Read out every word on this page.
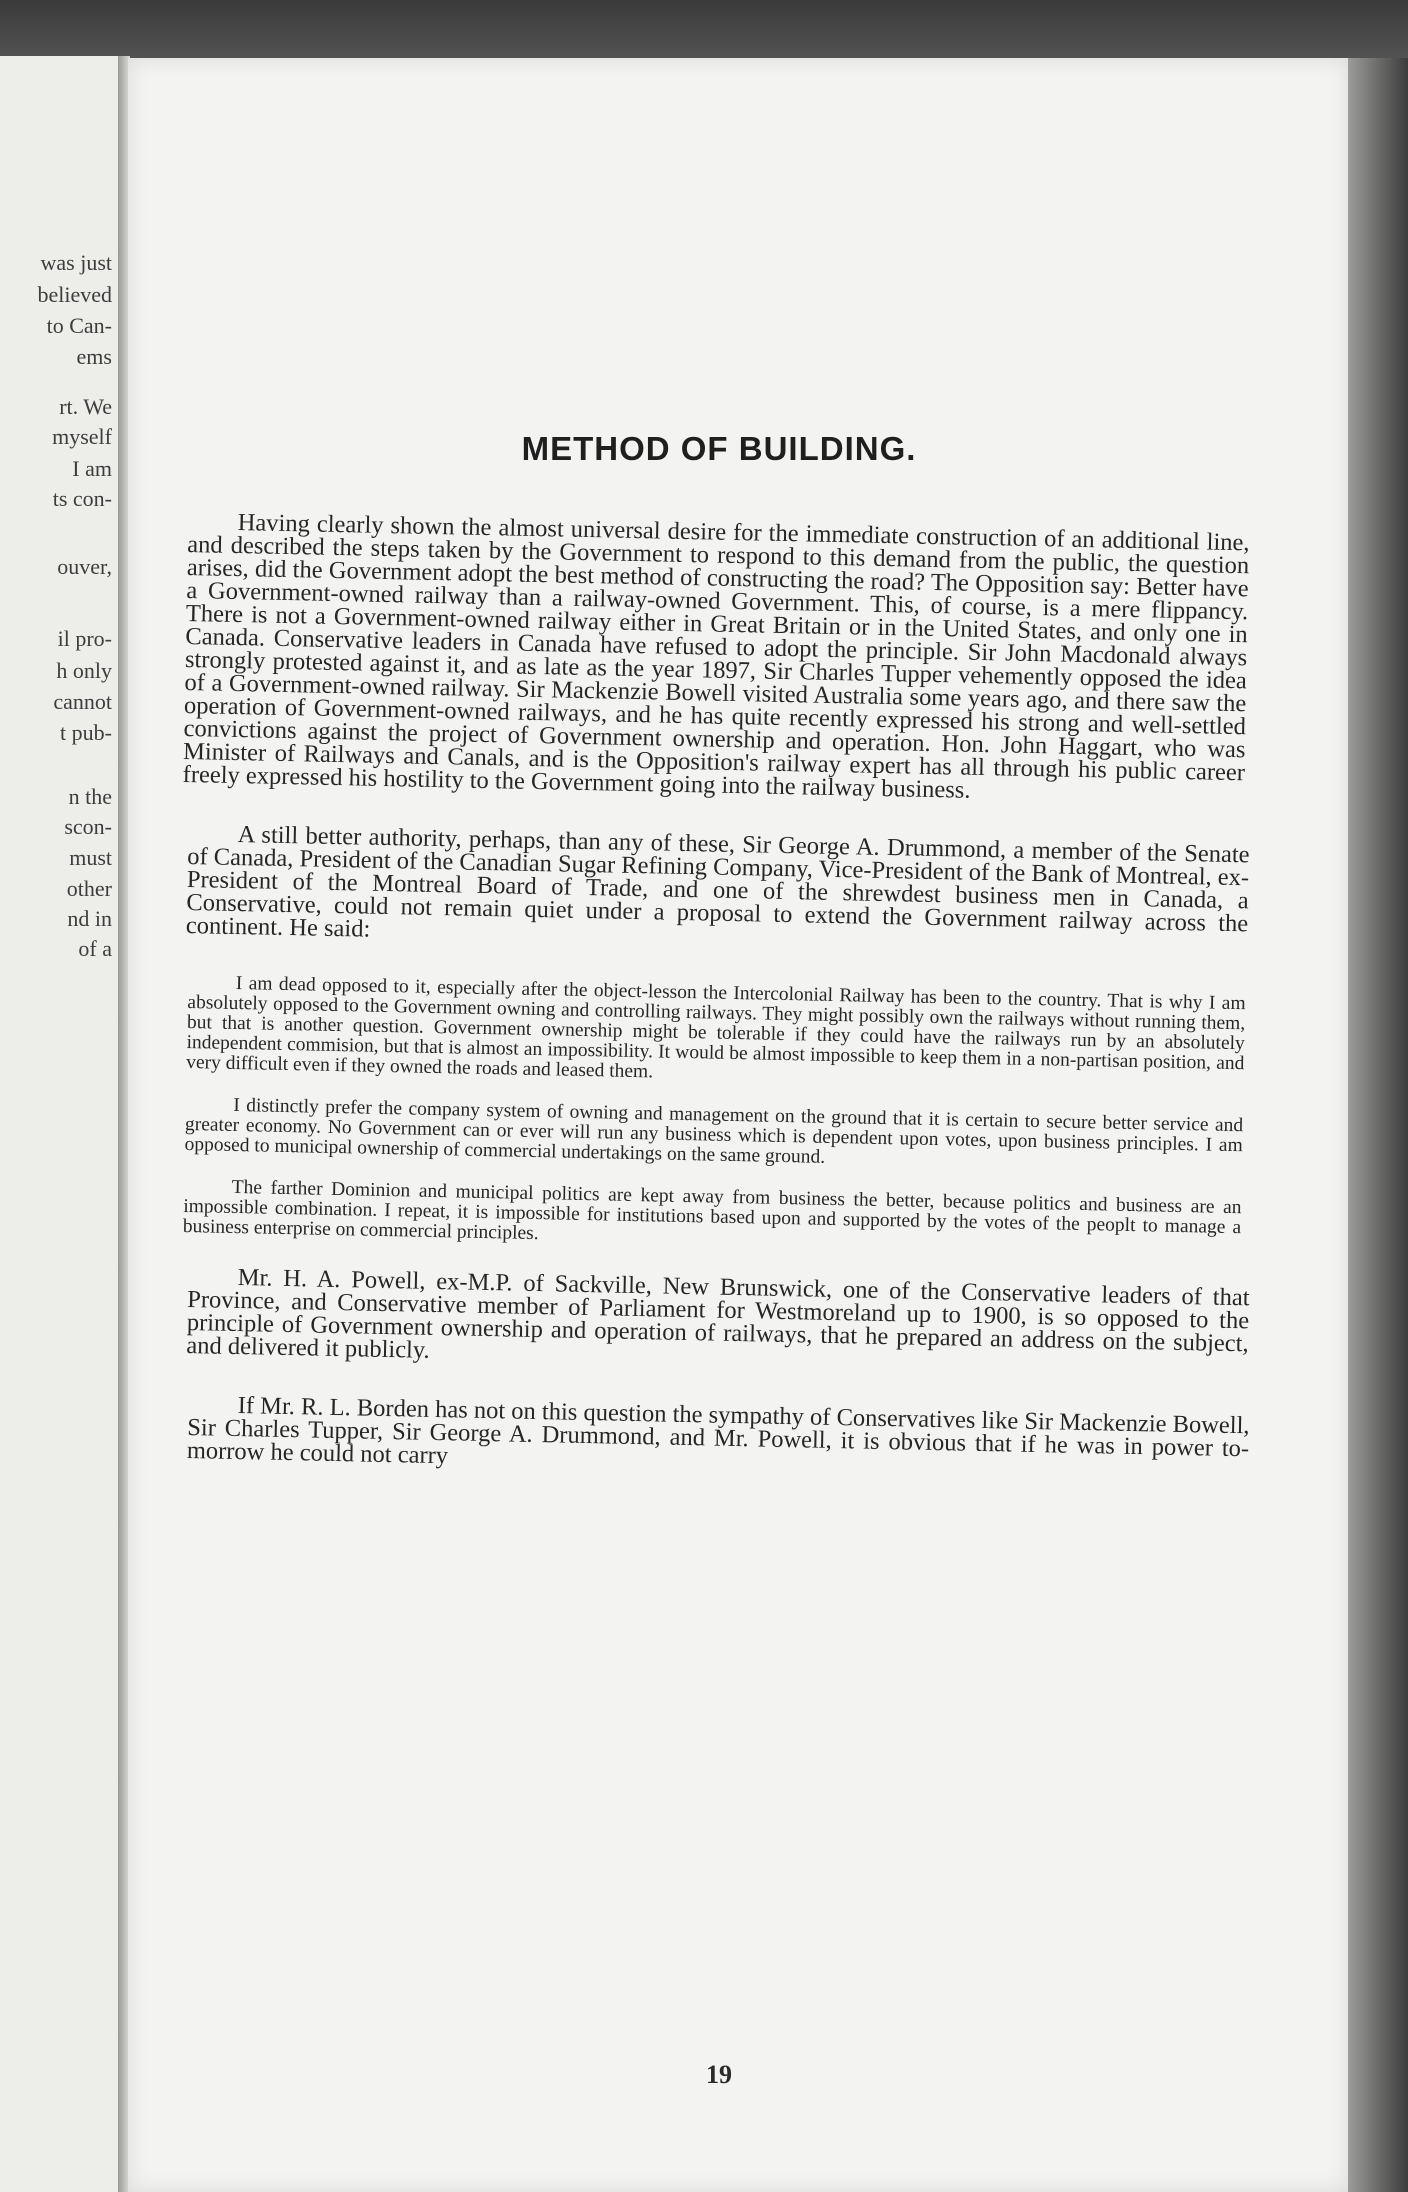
was just
believed
to Can-
ems
rt. We
myself
I am
ts con-
ouver,
il pro-
h only
cannot
t pub-
n the
scon-
must
other
nd in
of a
METHOD OF BUILDING.

Having clearly shown the almost universal desire for the immediate construction of an additional line, and described the steps taken by the Government to respond to this demand from the public, the question arises, did the Government adopt the best method of constructing the road? The Opposition say: Better have a Government-owned railway than a railway-owned Government. This, of course, is a mere flippancy. There is not a Government-owned railway either in Great Britain or in the United States, and only one in Canada. Conservative leaders in Canada have refused to adopt the principle. Sir John Macdonald always strongly protested against it, and as late as the year 1897, Sir Charles Tupper vehemently opposed the idea of a Government-owned railway. Sir Mackenzie Bowell visited Australia some years ago, and there saw the operation of Government-owned railways, and he has quite recently expressed his strong and well-settled convictions against the project of Government ownership and operation. Hon. John Haggart, who was Minister of Railways and Canals, and is the Opposition's railway expert has all through his public career freely expressed his hostility to the Government going into the railway business.

A still better authority, perhaps, than any of these, Sir George A. Drummond, a member of the Senate of Canada, President of the Canadian Sugar Refining Company, Vice-President of the Bank of Montreal, ex-President of the Montreal Board of Trade, and one of the shrewdest business men in Canada, a Conservative, could not remain quiet under a proposal to extend the Government railway across the continent. He said:

I am dead opposed to it, especially after the object-lesson the Intercolonial Railway has been to the country. That is why I am absolutely opposed to the Government owning and controlling railways. They might possibly own the railways without running them, but that is another question. Government ownership might be tolerable if they could have the railways run by an absolutely independent commision, but that is almost an impossibility. It would be almost impossible to keep them in a non-partisan position, and very difficult even if they owned the roads and leased them.

I distinctly prefer the company system of owning and management on the ground that it is certain to secure better service and greater economy. No Government can or ever will run any business which is dependent upon votes, upon business principles. I am opposed to municipal ownership of commercial undertakings on the same ground.

The farther Dominion and municipal politics are kept away from business the better, because politics and business are an impossible combination. I repeat, it is impossible for institutions based upon and supported by the votes of the peoplt to manage a business enterprise on commercial principles.

Mr. H. A. Powell, ex-M.P. of Sackville, New Brunswick, one of the Conservative leaders of that Province, and Conservative member of Parliament for Westmoreland up to 1900, is so opposed to the principle of Government ownership and operation of railways, that he prepared an address on the subject, and delivered it publicly.

If Mr. R. L. Borden has not on this question the sympathy of Conservatives like Sir Mackenzie Bowell, Sir Charles Tupper, Sir George A. Drummond, and Mr. Powell, it is obvious that if he was in power to-morrow he could not carry

19
